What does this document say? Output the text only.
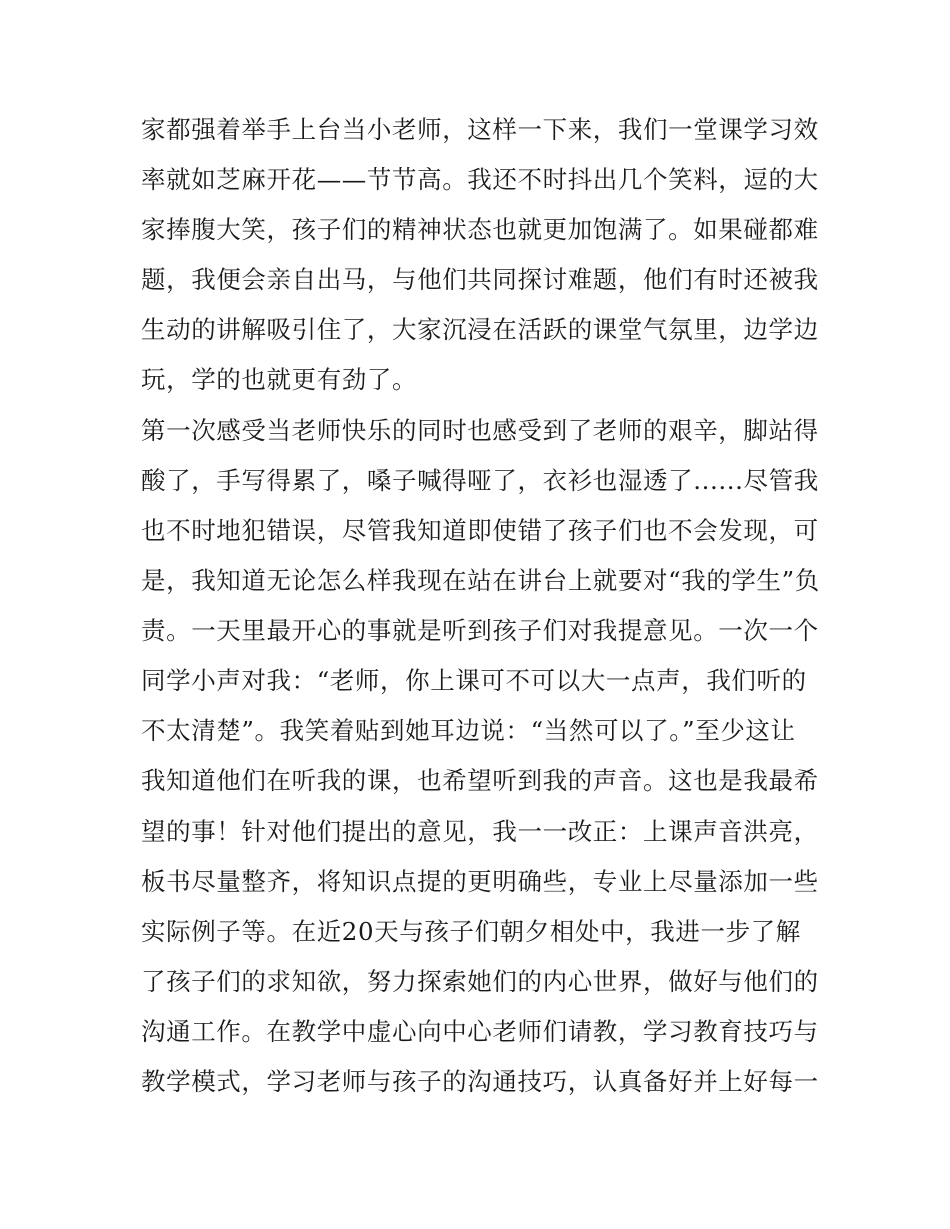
家都强着举手上台当小老师，这样一下来，我们一堂课学习效
率就如芝麻开花——节节高。我还不时抖出几个笑料，逗的大
家捧腹大笑，孩子们的精神状态也就更加饱满了。如果碰都难
题，我便会亲自出马，与他们共同探讨难题，他们有时还被我
生动的讲解吸引住了，大家沉浸在活跃的课堂气氛里，边学边
玩，学的也就更有劲了。
第一次感受当老师快乐的同时也感受到了老师的艰辛，脚站得
酸了，手写得累了，嗓子喊得哑了，衣衫也湿透了......尽管我
也不时地犯错误，尽管我知道即使错了孩子们也不会发现，可
是，我知道无论怎么样我现在站在讲台上就要对“我的学生”负
责。一天里最开心的事就是听到孩子们对我提意见。一次一个
同学小声对我：“老师，你上课可不可以大一点声，我们听的
不太清楚”。我笑着贴到她耳边说：“当然可以了。”至少这让
我知道他们在听我的课，也希望听到我的声音。这也是我最希
望的事！针对他们提出的意见，我一一改正：上课声音洪亮，
板书尽量整齐，将知识点提的更明确些，专业上尽量添加一些
实际例子等。在近20天与孩子们朝夕相处中，我进一步了解
了孩子们的求知欲，努力探索她们的内心世界，做好与他们的
沟通工作。在教学中虚心向中心老师们请教，学习教育技巧与
教学模式，学习老师与孩子的沟通技巧，认真备好并上好每一
